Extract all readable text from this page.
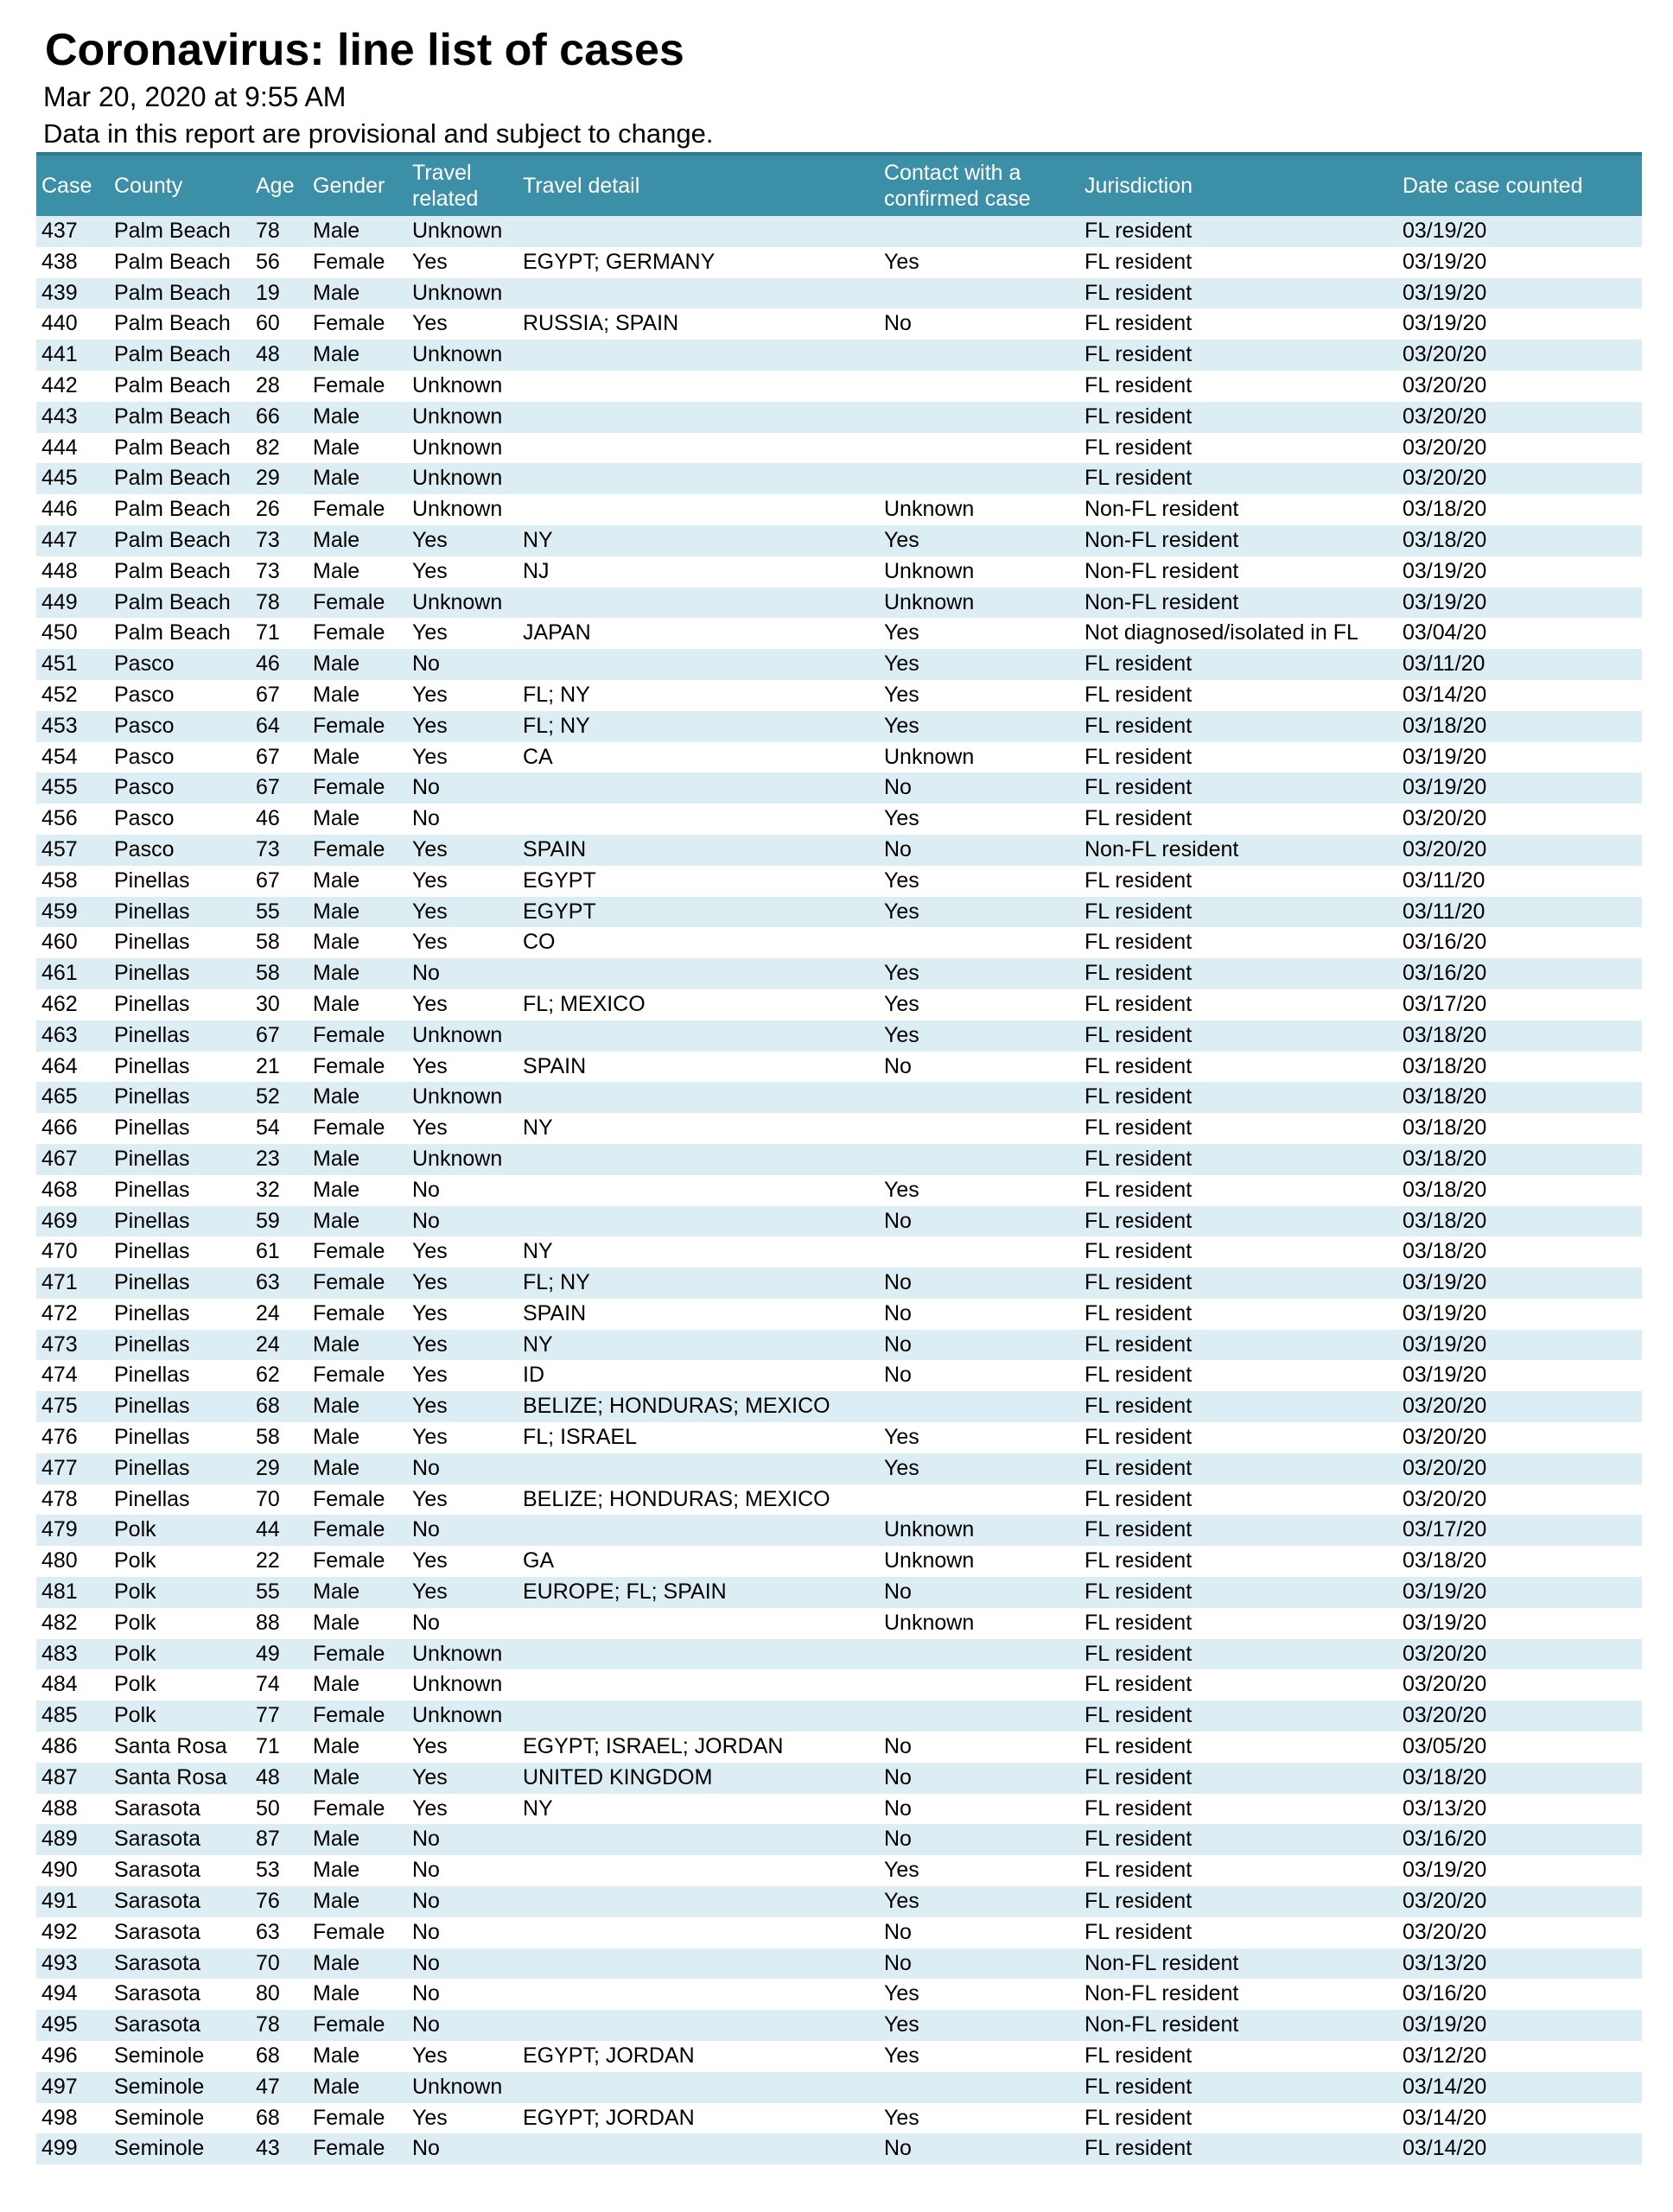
Coronavirus: line list of cases
Mar 20, 2020 at 9:55 AM
Data in this report are provisional and subject to change.
Case	County	Age	Gender	Travel related	Travel detail	Contact with a confirmed case	Jurisdiction	Date case counted
437	Palm Beach	78	Male	Unknown			FL resident	03/19/20
438	Palm Beach	56	Female	Yes	EGYPT; GERMANY	Yes	FL resident	03/19/20
439	Palm Beach	19	Male	Unknown			FL resident	03/19/20
440	Palm Beach	60	Female	Yes	RUSSIA; SPAIN	No	FL resident	03/19/20
441	Palm Beach	48	Male	Unknown			FL resident	03/20/20
442	Palm Beach	28	Female	Unknown			FL resident	03/20/20
443	Palm Beach	66	Male	Unknown			FL resident	03/20/20
444	Palm Beach	82	Male	Unknown			FL resident	03/20/20
445	Palm Beach	29	Male	Unknown			FL resident	03/20/20
446	Palm Beach	26	Female	Unknown		Unknown	Non-FL resident	03/18/20
447	Palm Beach	73	Male	Yes	NY	Yes	Non-FL resident	03/18/20
448	Palm Beach	73	Male	Yes	NJ	Unknown	Non-FL resident	03/19/20
449	Palm Beach	78	Female	Unknown		Unknown	Non-FL resident	03/19/20
450	Palm Beach	71	Female	Yes	JAPAN	Yes	Not diagnosed/isolated in FL	03/04/20
451	Pasco	46	Male	No		Yes	FL resident	03/11/20
452	Pasco	67	Male	Yes	FL; NY	Yes	FL resident	03/14/20
453	Pasco	64	Female	Yes	FL; NY	Yes	FL resident	03/18/20
454	Pasco	67	Male	Yes	CA	Unknown	FL resident	03/19/20
455	Pasco	67	Female	No		No	FL resident	03/19/20
456	Pasco	46	Male	No		Yes	FL resident	03/20/20
457	Pasco	73	Female	Yes	SPAIN	No	Non-FL resident	03/20/20
458	Pinellas	67	Male	Yes	EGYPT	Yes	FL resident	03/11/20
459	Pinellas	55	Male	Yes	EGYPT	Yes	FL resident	03/11/20
460	Pinellas	58	Male	Yes	CO		FL resident	03/16/20
461	Pinellas	58	Male	No		Yes	FL resident	03/16/20
462	Pinellas	30	Male	Yes	FL; MEXICO	Yes	FL resident	03/17/20
463	Pinellas	67	Female	Unknown		Yes	FL resident	03/18/20
464	Pinellas	21	Female	Yes	SPAIN	No	FL resident	03/18/20
465	Pinellas	52	Male	Unknown			FL resident	03/18/20
466	Pinellas	54	Female	Yes	NY		FL resident	03/18/20
467	Pinellas	23	Male	Unknown			FL resident	03/18/20
468	Pinellas	32	Male	No		Yes	FL resident	03/18/20
469	Pinellas	59	Male	No		No	FL resident	03/18/20
470	Pinellas	61	Female	Yes	NY		FL resident	03/18/20
471	Pinellas	63	Female	Yes	FL; NY	No	FL resident	03/19/20
472	Pinellas	24	Female	Yes	SPAIN	No	FL resident	03/19/20
473	Pinellas	24	Male	Yes	NY	No	FL resident	03/19/20
474	Pinellas	62	Female	Yes	ID	No	FL resident	03/19/20
475	Pinellas	68	Male	Yes	BELIZE; HONDURAS; MEXICO		FL resident	03/20/20
476	Pinellas	58	Male	Yes	FL; ISRAEL	Yes	FL resident	03/20/20
477	Pinellas	29	Male	No		Yes	FL resident	03/20/20
478	Pinellas	70	Female	Yes	BELIZE; HONDURAS; MEXICO		FL resident	03/20/20
479	Polk	44	Female	No		Unknown	FL resident	03/17/20
480	Polk	22	Female	Yes	GA	Unknown	FL resident	03/18/20
481	Polk	55	Male	Yes	EUROPE; FL; SPAIN	No	FL resident	03/19/20
482	Polk	88	Male	No		Unknown	FL resident	03/19/20
483	Polk	49	Female	Unknown			FL resident	03/20/20
484	Polk	74	Male	Unknown			FL resident	03/20/20
485	Polk	77	Female	Unknown			FL resident	03/20/20
486	Santa Rosa	71	Male	Yes	EGYPT; ISRAEL; JORDAN	No	FL resident	03/05/20
487	Santa Rosa	48	Male	Yes	UNITED KINGDOM	No	FL resident	03/18/20
488	Sarasota	50	Female	Yes	NY	No	FL resident	03/13/20
489	Sarasota	87	Male	No		No	FL resident	03/16/20
490	Sarasota	53	Male	No		Yes	FL resident	03/19/20
491	Sarasota	76	Male	No		Yes	FL resident	03/20/20
492	Sarasota	63	Female	No		No	FL resident	03/20/20
493	Sarasota	70	Male	No		No	Non-FL resident	03/13/20
494	Sarasota	80	Male	No		Yes	Non-FL resident	03/16/20
495	Sarasota	78	Female	No		Yes	Non-FL resident	03/19/20
496	Seminole	68	Male	Yes	EGYPT; JORDAN	Yes	FL resident	03/12/20
497	Seminole	47	Male	Unknown			FL resident	03/14/20
498	Seminole	68	Female	Yes	EGYPT; JORDAN	Yes	FL resident	03/14/20
499	Seminole	43	Female	No		No	FL resident	03/14/20
